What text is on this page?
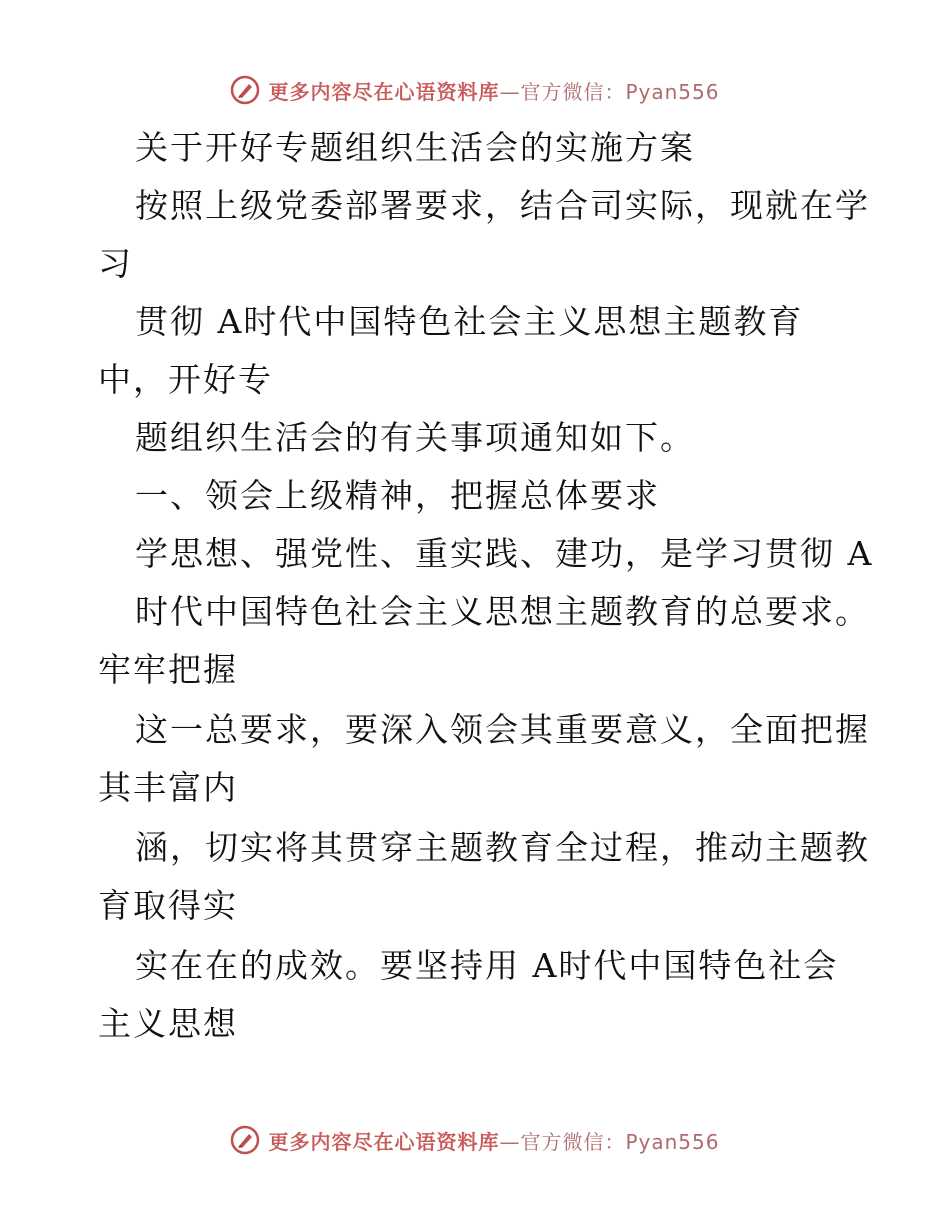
更多内容尽在心语资料库—官方微信：Pyan556
关于开好专题组织生活会的实施方案
按照上级党委部署要求，结合司实际，现就在学
习
贯彻 A时代中国特色社会主义思想主题教育
中，开好专
题组织生活会的有关事项通知如下。
一、领会上级精神，把握总体要求
学思想、强党性、重实践、建功，是学习贯彻 A
时代中国特色社会主义思想主题教育的总要求。
牢牢把握
这一总要求，要深入领会其重要意义，全面把握
其丰富内
涵，切实将其贯穿主题教育全过程，推动主题教
育取得实
实在在的成效。要坚持用 A时代中国特色社会
主义思想
更多内容尽在心语资料库—官方微信：Pyan556
